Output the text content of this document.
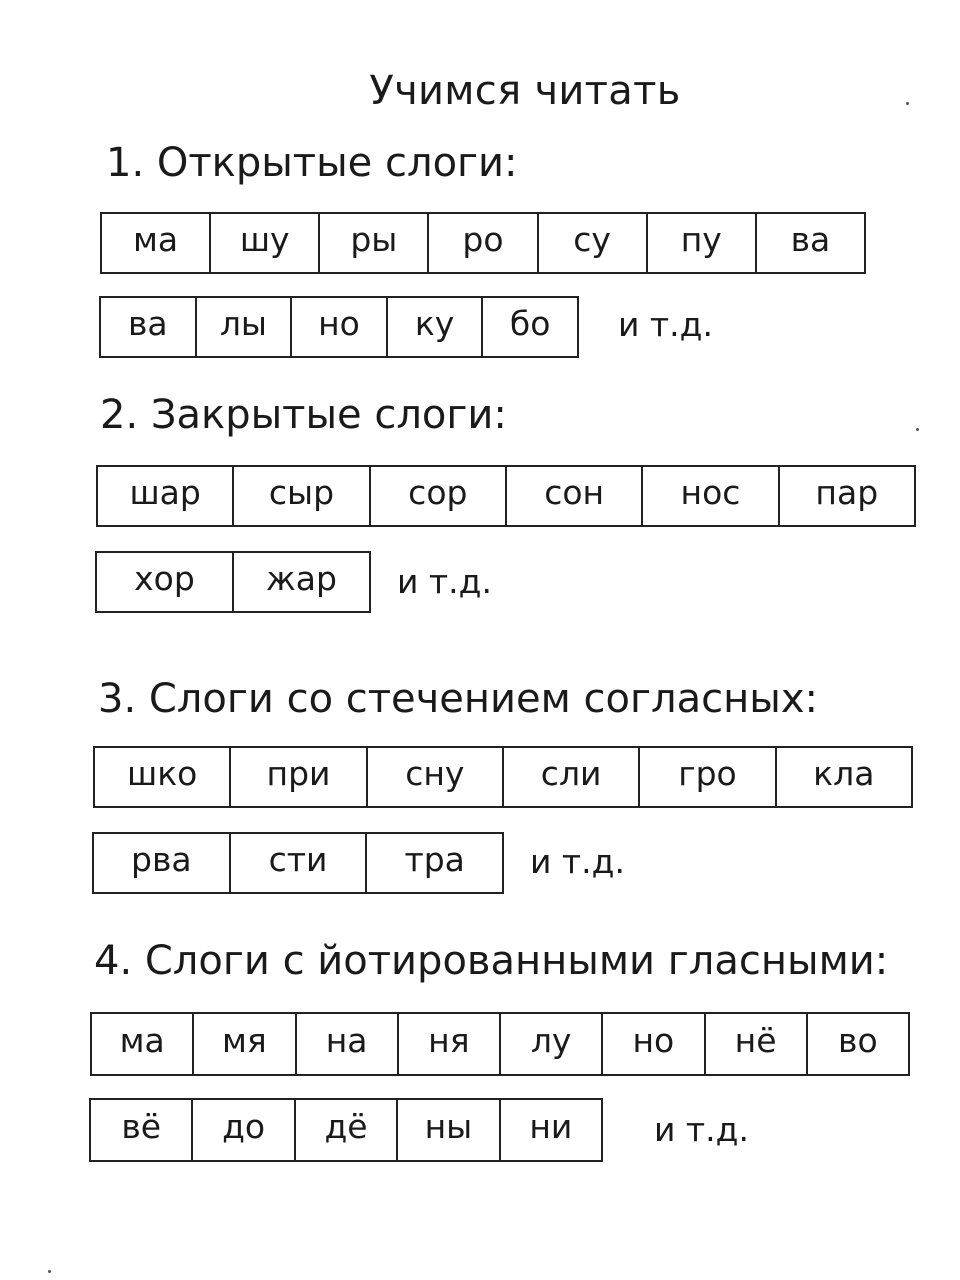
Учимся читать
1. Открытые слоги:
ма	шу	ры	ро	су	пу	ва
ва	лы	но	ку	бо	и т.д.
2. Закрытые слоги:
шар	сыр	сор	сон	нос	пар
хор	жар	и т.д.
3. Слоги со стечением согласных:
шко	при	сну	сли	гро	кла
рва	сти	тра	и т.д.
4. Слоги с йотированными гласными:
ма	мя	на	ня	лу	но	нё	во
вё	до	дё	ны	ни	и т.д.
